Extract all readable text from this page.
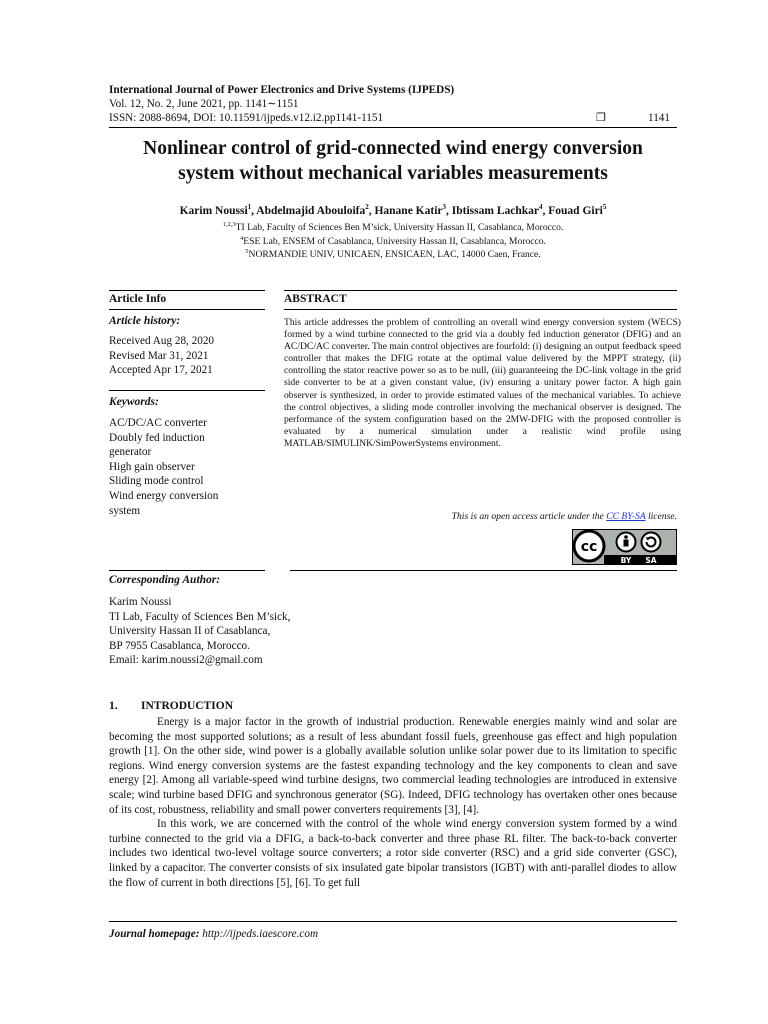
International Journal of Power Electronics and Drive Systems (IJPEDS)
Vol. 12, No. 2, June 2021, pp. 1141∼1151
ISSN: 2088-8694, DOI: 10.11591/ijpeds.v12.i2.pp1141-1151	❐	1141
Nonlinear control of grid-connected wind energy conversion
system without mechanical variables measurements
Karim Noussi$^1$, Abdelmajid Abouloifa$^2$, Hanane Katir$^3$, Ibtissam Lachkar$^4$, Fouad Giri$^5$
$^{1,2,3}$TI Lab, Faculty of Sciences Ben M’sick, University Hassan II, Casablanca, Morocco.
$^4$ESE Lab, ENSEM of Casablanca, University Hassan II, Casablanca, Morocco.
$^5$NORMANDIE UNIV, UNICAEN, ENSICAEN, LAC, 14000 Caen, France.
Article Info
Article history:
Received Aug 28, 2020
Revised Mar 31, 2021
Accepted Apr 17, 2021
Keywords:
AC/DC/AC converter
Doubly fed induction
generator
High gain observer
Sliding mode control
Wind energy conversion
system
ABSTRACT
This article addresses the problem of controlling an overall wind energy conversion system (WECS) formed by a wind turbine connected to the grid via a doubly fed induction generator (DFIG) and an AC/DC/AC converter. The main control objectives are fourfold: (i) designing an output feedback speed controller that makes the DFIG rotate at the optimal value delivered by the MPPT strategy, (ii) controlling the stator reactive power so as to be null, (iii) guaranteeing the DC-link voltage in the grid side converter to be at a given constant value, (iv) ensuring a unitary power factor. A high gain observer is synthesized, in order to provide estimated values of the mechanical variables. To achieve the control objectives, a sliding mode controller involving the mechanical observer is designed. The performance of the system configuration based on the 2MW-DFIG with the proposed controller is evaluated by a numerical simulation under a realistic wind profile using MATLAB/SIMULINK/SimPowerSystems environment.
This is an open access article under the CC BY-SA license.
cc
BY SA
Corresponding Author:
Karim Noussi
TI Lab, Faculty of Sciences Ben M’sick,
University Hassan II of Casablanca,
BP 7955 Casablanca, Morocco.
Email: karim.noussi2@gmail.com
1. INTRODUCTION

Energy is a major factor in the growth of industrial production. Renewable energies mainly wind and solar are becoming the most supported solutions; as a result of less abundant fossil fuels, greenhouse gas effect and high population growth [1]. On the other side, wind power is a globally available solution unlike solar power due to its limitation to specific regions. Wind energy conversion systems are the fastest expanding technology and the key components to clean and save energy [2]. Among all variable-speed wind turbine designs, two commercial leading technologies are introduced in extensive scale; wind turbine based DFIG and synchronous generator (SG). Indeed, DFIG technology has overtaken other ones because of its cost, robustness, reliability and small power converters requirements [3], [4].

In this work, we are concerned with the control of the whole wind energy conversion system formed by a wind turbine connected to the grid via a DFIG, a back-to-back converter and three phase RL filter. The back-to-back converter includes two identical two-level voltage source converters; a rotor side converter (RSC) and a grid side converter (GSC), linked by a capacitor. The converter consists of six insulated gate bipolar transistors (IGBT) with anti-parallel diodes to allow the flow of current in both directions [5], [6]. To get full

Journal homepage: http://ijpeds.iaescore.com
